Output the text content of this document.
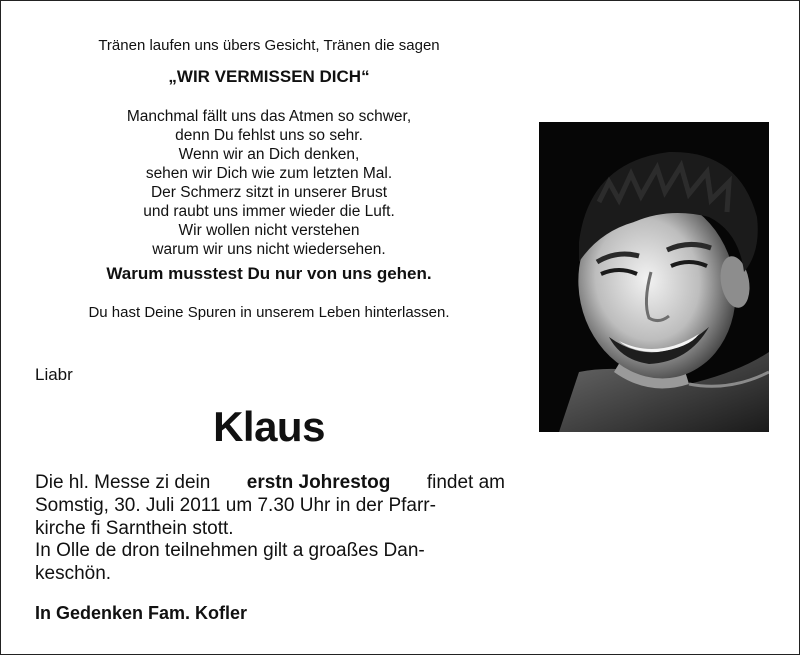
Tränen laufen uns übers Gesicht, Tränen die sagen
„WIR VERMISSEN DICH“
Manchmal fällt uns das Atmen so schwer,
denn Du fehlst uns so sehr.
Wenn wir an Dich denken,
sehen wir Dich wie zum letzten Mal.
Der Schmerz sitzt in unserer Brust
und raubt uns immer wieder die Luft.
Wir wollen nicht verstehen
warum wir uns nicht wiedersehen.
Warum musstest Du nur von uns gehen.
Du hast Deine Spuren in unserem Leben hinterlassen.
Liabr
Klaus
Die hl. Messe zi dein erstn Johrestog findet am
Somstig, 30. Juli 2011 um 7.30 Uhr in der Pfarr-
kirche fi Sarnthein stott.
In Olle de dron teilnehmen gilt a groaßes Dan-
keschön.
In Gedenken Fam. Kofler
